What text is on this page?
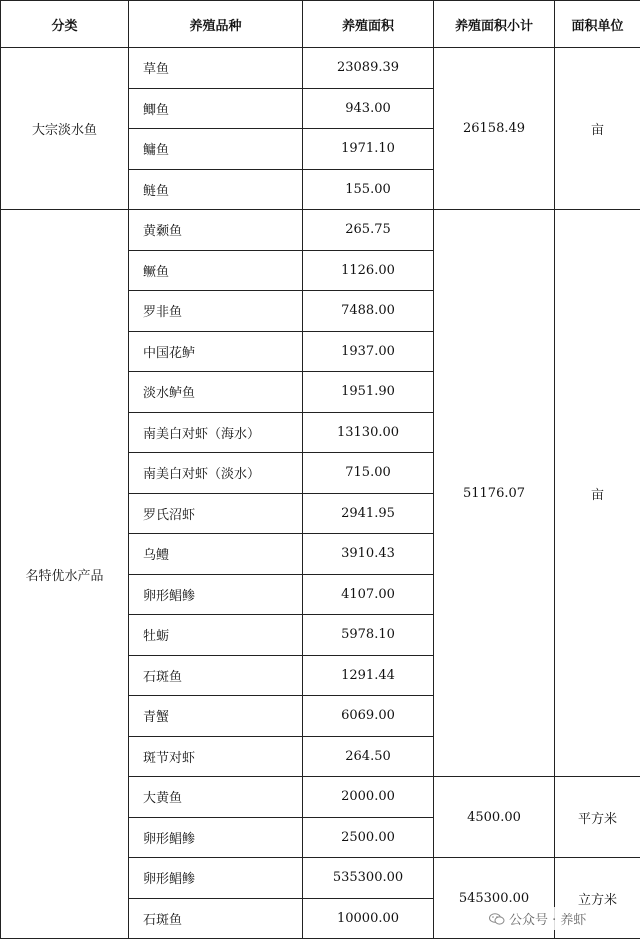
分类	养殖品种	养殖面积	养殖面积小计	面积单位
大宗淡水鱼	草鱼	23089.39	26158.49	亩
	鲫鱼	943.00		
	鳙鱼	1971.10		
	鲢鱼	155.00		
名特优水产品	黄颡鱼	265.75	51176.07	亩
	鳜鱼	1126.00		
	罗非鱼	7488.00		
	中国花鲈	1937.00		
	淡水鲈鱼	1951.90		
	南美白对虾（海水）	13130.00		
	南美白对虾（淡水）	715.00		
	罗氏沼虾	2941.95		
	乌鳢	3910.43		
	卵形鲳鲹	4107.00		
	牡蛎	5978.10		
	石斑鱼	1291.44		
	青蟹	6069.00		
	斑节对虾	264.50		
	大黄鱼	2000.00	4500.00	平方米
	卵形鲳鲹	2500.00		
	卵形鲳鲹	535300.00	545300.00	立方米
	石斑鱼	10000.00			公众号 · 养虾
